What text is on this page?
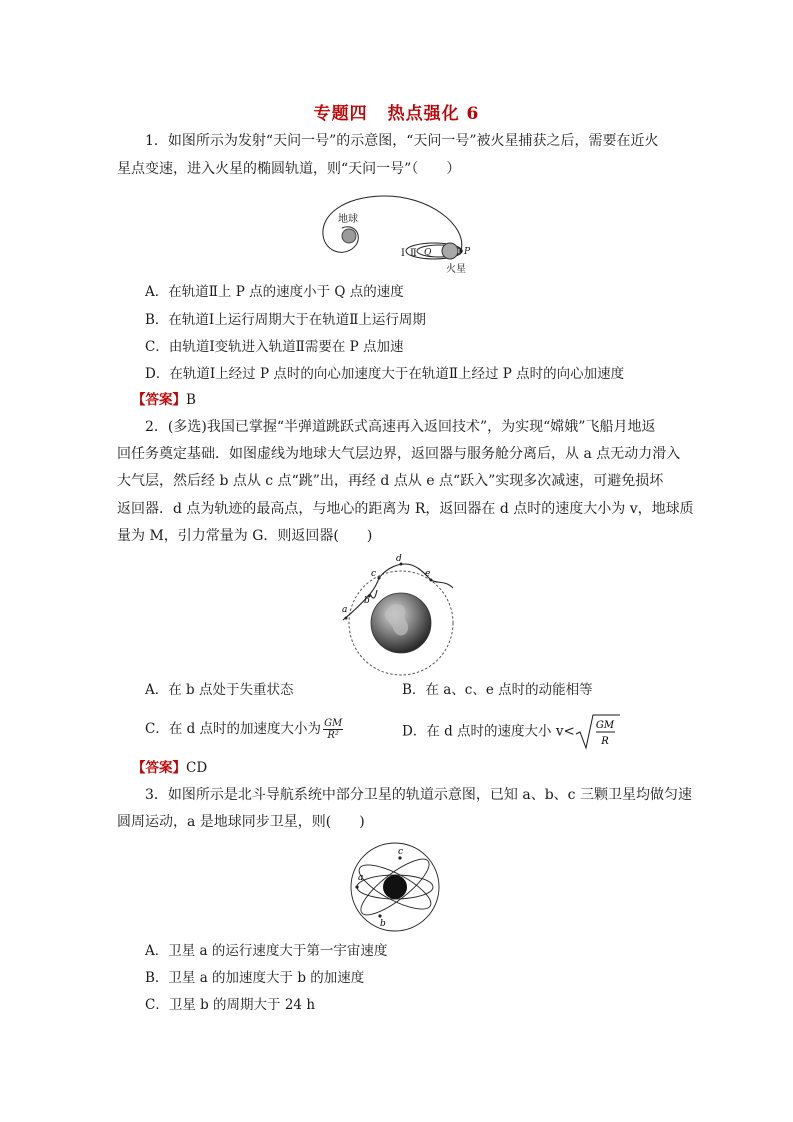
专题四 热点强化 6
1．如图所示为发射“天问一号”的示意图，“天问一号”被火星捕获之后，需要在近火
星点变速，进入火星的椭圆轨道，则“天问一号”（　　）
地球
Ⅰ Ⅱ Q	P
火星
A．在轨道Ⅱ上 P 点的速度小于 Q 点的速度
B．在轨道Ⅰ上运行周期大于在轨道Ⅱ上运行周期
C．由轨道Ⅰ变轨进入轨道Ⅱ需要在 P 点加速
D．在轨道Ⅰ上经过 P 点时的向心加速度大于在轨道Ⅱ上经过 P 点时的向心加速度
【答案】B
2．(多选)我国已掌握“半弹道跳跃式高速再入返回技术”，为实现“嫦娥”飞船月地返
回任务奠定基础．如图虚线为地球大气层边界，返回器与服务舱分离后，从 a 点无动力滑入
大气层，然后经 b 点从 c 点“跳”出，再经 d 点从 e 点“跃入”实现多次减速，可避免损坏
返回器．d 点为轨迹的最高点，与地心的距离为 R，返回器在 d 点时的速度大小为 v，地球质
量为 M，引力常量为 G．则返回器(　　)
a
b
c
d
e
A．在 b 点处于失重状态	B．在 a、c、e 点时的动能相等
C．在 d 点时的加速度大小为 $\frac{GM}{\text{R²}}$	D．在 d 点时的速度大小 v< GM
R
【答案】CD
3．如图所示是北斗导航系统中部分卫星的轨道示意图，已知 a、b、c 三颗卫星均做匀速
圆周运动，a 是地球同步卫星，则(　　)
a
b
c
A．卫星 a 的运行速度大于第一宇宙速度
B．卫星 a 的加速度大于 b 的加速度
C．卫星 b 的周期大于 24 h
